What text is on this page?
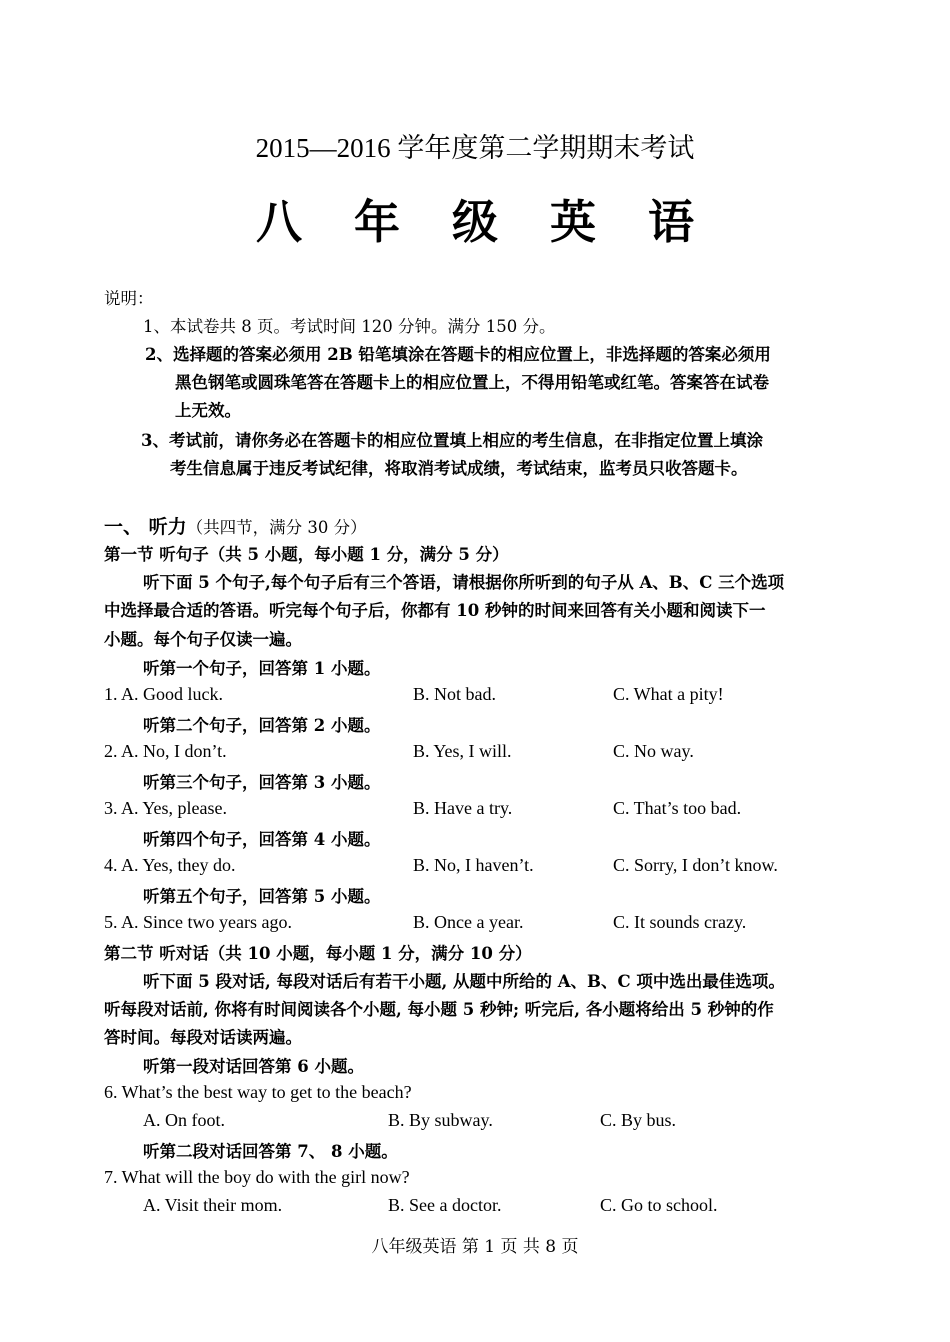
2015—2016 学年度第二学期期末考试
八 年 级 英 语
说明：
1、本试卷共 8 页。考试时间 120 分钟。满分 150 分。
2、选择题的答案必须用 2B 铅笔填涂在答题卡的相应位置上，非选择题的答案必须用
黑色钢笔或圆珠笔答在答题卡上的相应位置上，不得用铅笔或红笔。答案答在试卷
上无效。
3、考试前，请你务必在答题卡的相应位置填上相应的考生信息，在非指定位置上填涂
考生信息属于违反考试纪律，将取消考试成绩，考试结束，监考员只收答题卡。
一、 听力（共四节，满分 30 分）
第一节 听句子（共 5 小题，每小题 1 分，满分 5 分）
听下面 5 个句子,每个句子后有三个答语，请根据你所听到的句子从 A、B、C 三个选项
中选择最合适的答语。听完每个句子后，你都有 10 秒钟的时间来回答有关小题和阅读下一
小题。每个句子仅读一遍。
听第一个句子，回答第 1 小题。
1. A. Good luck.	B. Not bad.	C. What a pity!
听第二个句子，回答第 2 小题。
2. A. No, I don’t.	B. Yes, I will.	C. No way.
听第三个句子，回答第 3 小题。
3. A. Yes, please.	B. Have a try.	C. That’s too bad.
听第四个句子，回答第 4 小题。
4. A. Yes, they do.	B. No, I haven’t.	C. Sorry, I don’t know.
听第五个句子，回答第 5 小题。
5. A. Since two years ago.	B. Once a year.	C. It sounds crazy.
第二节 听对话（共 10 小题，每小题 1 分，满分 10 分）
听下面 5 段对话, 每段对话后有若干小题, 从题中所给的 A、B、C 项中选出最佳选项。
听每段对话前, 你将有时间阅读各个小题, 每小题 5 秒钟; 听完后, 各小题将给出 5 秒钟的作
答时间。每段对话读两遍。
听第一段对话回答第 6 小题。
6. What’s the best way to get to the beach?
A. On foot.	B. By subway.	C. By bus.
听第二段对话回答第 7、 8 小题。
7. What will the boy do with the girl now?
A. Visit their mom.	B. See a doctor.	C. Go to school.
八年级英语 第 1 页 共 8 页
